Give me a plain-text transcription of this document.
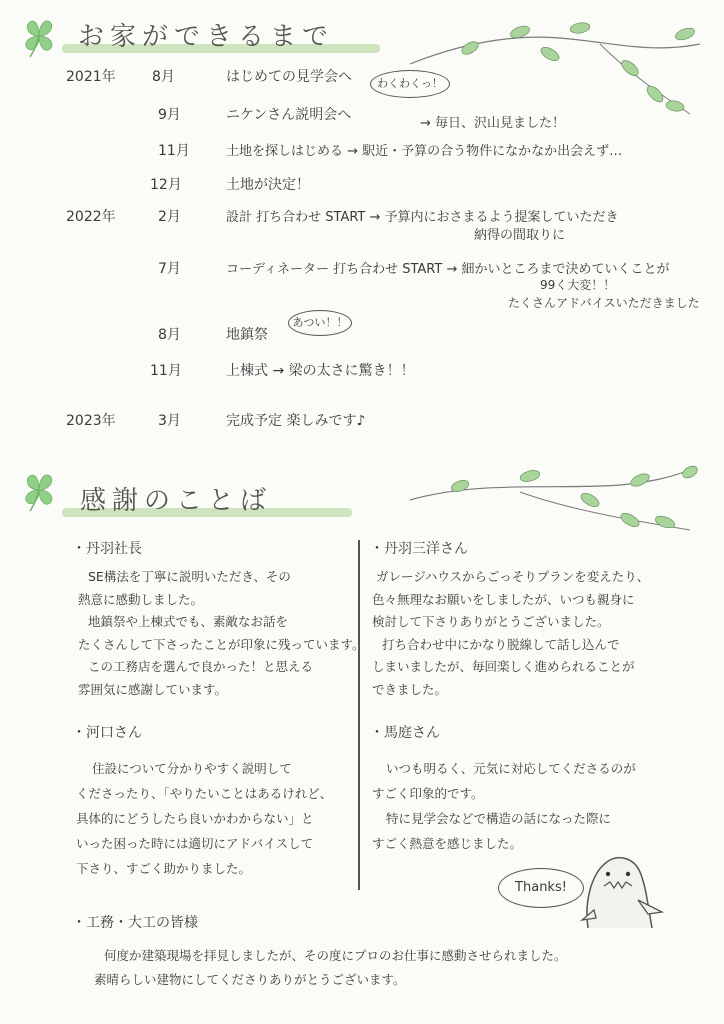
お家ができるまで
2021年	8月	はじめての見学会へ	わくわくっ！
9月	ニケンさん説明会へ
→ 毎日、沢山見ました！
11月	土地を探しはじめる → 駅近・予算の合う物件になかなか出会えず…
12月	土地が決定！
2022年	2月	設計 打ち合わせ START → 予算内におさまるよう提案していただき
納得の間取りに
7月	コーディネーター 打ち合わせ START → 細かいところまで決めていくことが
99く大変！！
たくさんアドバイスいただきました
8月	地鎮祭
あつい！！
11月	上棟式 → 梁の太さに驚き！！
2023年	3月	完成予定 楽しみです♪
感謝のことば
・丹羽社長
SE構法を丁寧に説明いただき、その
熱意に感動しました。
地鎮祭や上棟式でも、素敵なお話を
たくさんして下さったことが印象に残っています。
この工務店を選んで良かった！と思える
雰囲気に感謝しています。
・丹羽三洋さん
ガレージハウスからごっそりプランを変えたり、
色々無理なお願いをしましたが、いつも親身に
検討して下さりありがとうございました。
打ち合わせ中にかなり脱線して話し込んで
しまいましたが、毎回楽しく進められることが
できました。
・河口さん
住設について分かりやすく説明して
くださったり、「やりたいことはあるけれど、
具体的にどうしたら良いかわからない」と
いった困った時には適切にアドバイスして
下さり、すごく助かりました。
・馬庭さん
いつも明るく、元気に対応してくださるのが
すごく印象的です。
特に見学会などで構造の話になった際に
すごく熱意を感じました。
Thanks!
・工務・大工の皆様
何度か建築現場を拝見しましたが、その度にプロのお仕事に感動させられました。
素晴らしい建物にしてくださりありがとうございます。
